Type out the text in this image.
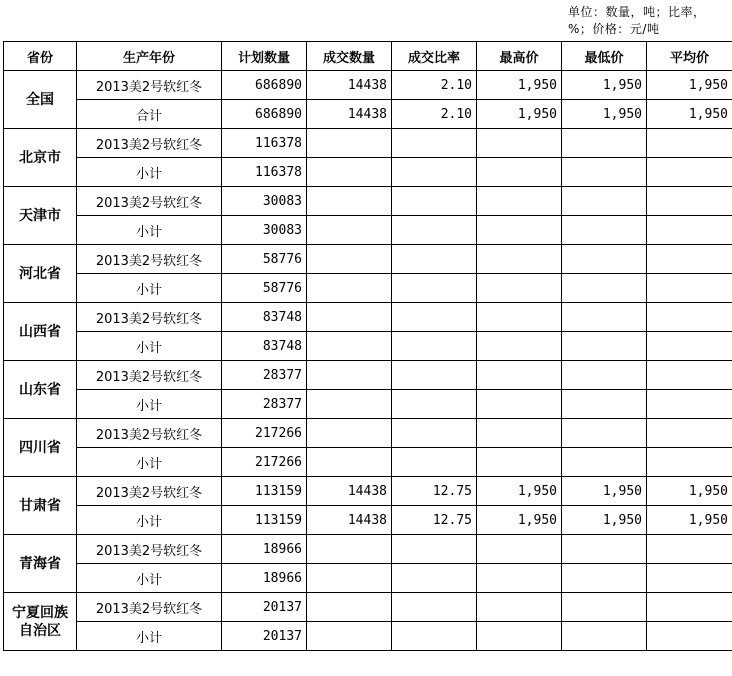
单位：数量，吨；比率，%；价格：元/吨
省份	生产年份	计划数量	成交数量	成交比率	最高价	最低价	平均价
全国	2013美2号软红冬	686890	14438	2.10	1,950	1,950	1,950
	合计	686890	14438	2.10	1,950	1,950	1,950
北京市	2013美2号软红冬	116378					
	小计	116378					
天津市	2013美2号软红冬	30083					
	小计	30083					
河北省	2013美2号软红冬	58776					
	小计	58776					
山西省	2013美2号软红冬	83748					
	小计	83748					
山东省	2013美2号软红冬	28377					
	小计	28377					
四川省	2013美2号软红冬	217266					
	小计	217266					
甘肃省	2013美2号软红冬	113159	14438	12.75	1,950	1,950	1,950
	小计	113159	14438	12.75	1,950	1,950	1,950
青海省	2013美2号软红冬	18966					
	小计	18966					
宁夏回族自治区	2013美2号软红冬	20137					
	小计	20137					
